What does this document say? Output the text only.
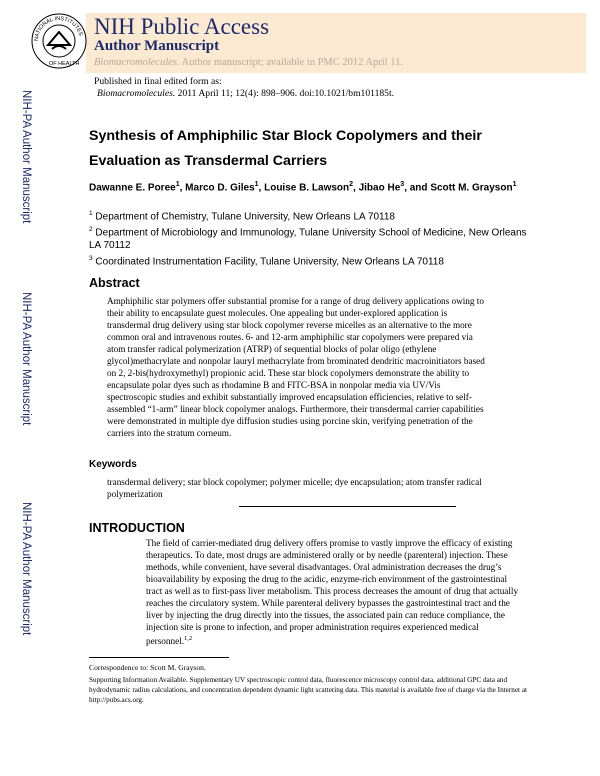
NATIONAL INSTITUTES
OF HEALTH
NIH Public Access
Author Manuscript
Biomacromolecules. Author manuscript; available in PMC 2012 April 11.
Published in final edited form as:
Biomacromolecules. 2011 April 11; 12(4): 898–906. doi:10.1021/bm101185t.
NIH-PA Author Manuscript
NIH-PA Author Manuscript
NIH-PA Author Manuscript
Synthesis of Amphiphilic Star Block Copolymers and their Evaluation as Transdermal Carriers
Dawanne E. Poree$^1$, Marco D. Giles$^1$, Louise B. Lawson$^2$, Jibao He$^3$, and Scott M. Grayson$^1$
$^1$ Department of Chemistry, Tulane University, New Orleans LA 70118
$^2$ Department of Microbiology and Immunology, Tulane University School of Medicine, New Orleans LA 70112
$^3$ Coordinated Instrumentation Facility, Tulane University, New Orleans LA 70118
Abstract
Amphiphilic star polymers offer substantial promise for a range of drug delivery applications owing to their ability to encapsulate guest molecules. One appealing but under-explored application is transdermal drug delivery using star block copolymer reverse micelles as an alternative to the more common oral and intravenous routes. 6- and 12-arm amphiphilic star copolymers were prepared via atom transfer radical polymerization (ATRP) of sequential blocks of polar oligo (ethylene glycol)methacrylate and nonpolar lauryl methacrylate from brominated dendritic macroinitiators based on 2, 2-bis(hydroxymethyl) propionic acid. These star block copolymers demonstrate the ability to encapsulate polar dyes such as rhodamine B and FITC-BSA in nonpolar media via UV/Vis spectroscopic studies and exhibit substantially improved encapsulation efficiencies, relative to self-assembled “1-arm” linear block copolymer analogs. Furthermore, their transdermal carrier capabilities were demonstrated in multiple dye diffusion studies using porcine skin, verifying penetration of the carriers into the stratum corneum.
Keywords
transdermal delivery; star block copolymer; polymer micelle; dye encapsulation; atom transfer radical polymerization
INTRODUCTION
The field of carrier-mediated drug delivery offers promise to vastly improve the efficacy of existing therapeutics. To date, most drugs are administered orally or by needle (parenteral) injection. These methods, while convenient, have several disadvantages. Oral administration decreases the drug’s bioavailability by exposing the drug to the acidic, enzyme-rich environment of the gastrointestinal tract as well as to first-pass liver metabolism. This process decreases the amount of drug that actually reaches the circulatory system. While parenteral delivery bypasses the gastrointestinal tract and the liver by injecting the drug directly into the tissues, the associated pain can reduce compliance, the injection site is prone to infection, and proper administration requires experienced medical personnel.$^{1,2}$
Correspondence to: Scott M. Grayson.
Supporting Information Available. Supplementary UV spectroscopic control data, fluorescence microscopy control data, additional GPC data and hydrodynamic radius calculations, and concentration dependent dynamic light scattering data. This material is available free of charge via the Internet at http://pubs.acs.org.
